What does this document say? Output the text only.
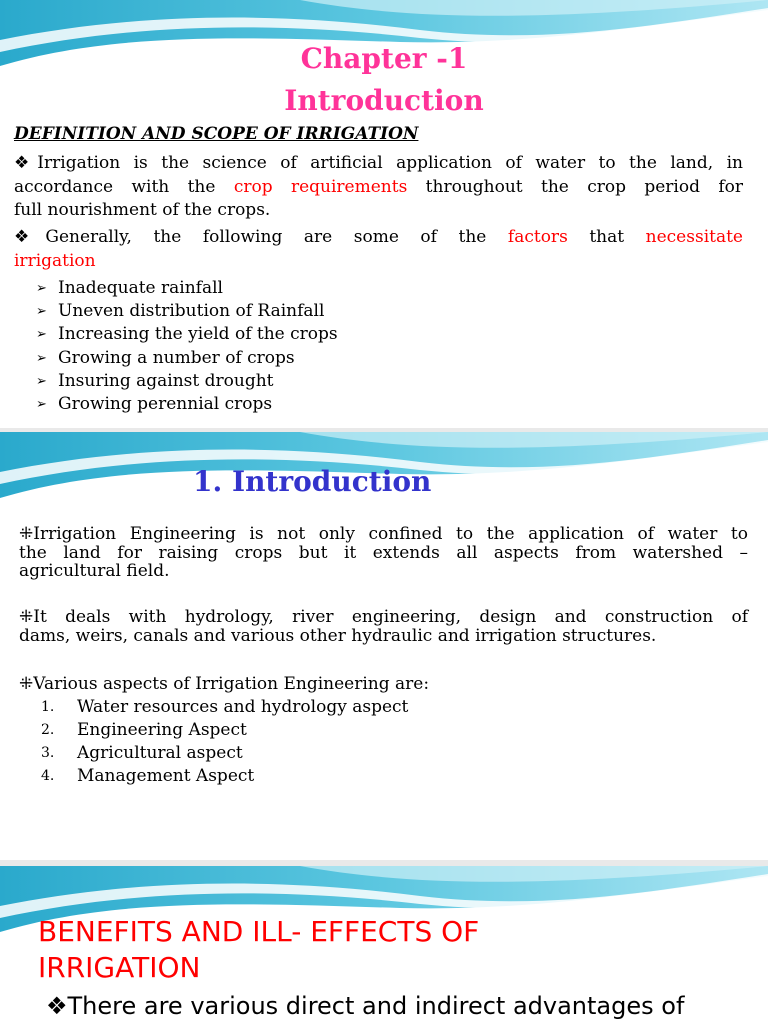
Chapter -1
Introduction
DEFINITION AND SCOPE OF IRRIGATION
❖Irrigation is the science of artificial application of water to the land, in
accordance with the crop requirements throughout the crop period for
full nourishment of the crops.
❖Generally, the following are some of the factors that necessitate
irrigation
➢ Inadequate rainfall
➢ Uneven distribution of Rainfall
➢ Increasing the yield of the crops
➢ Growing a number of crops
➢ Insuring against drought
➢ Growing perennial crops
1. Introduction
⁜Irrigation Engineering is not only confined to the application of water to
the land for raising crops but it extends all aspects from watershed –
agricultural field.
⁜It deals with hydrology, river engineering, design and construction of
dams, weirs, canals and various other hydraulic and irrigation structures.
⁜Various aspects of Irrigation Engineering are:
1. Water resources and hydrology aspect
2. Engineering Aspect
3. Agricultural aspect
4. Management Aspect
BENEFITS AND ILL- EFFECTS OF
IRRIGATION
❖There are various direct and indirect advantages of
